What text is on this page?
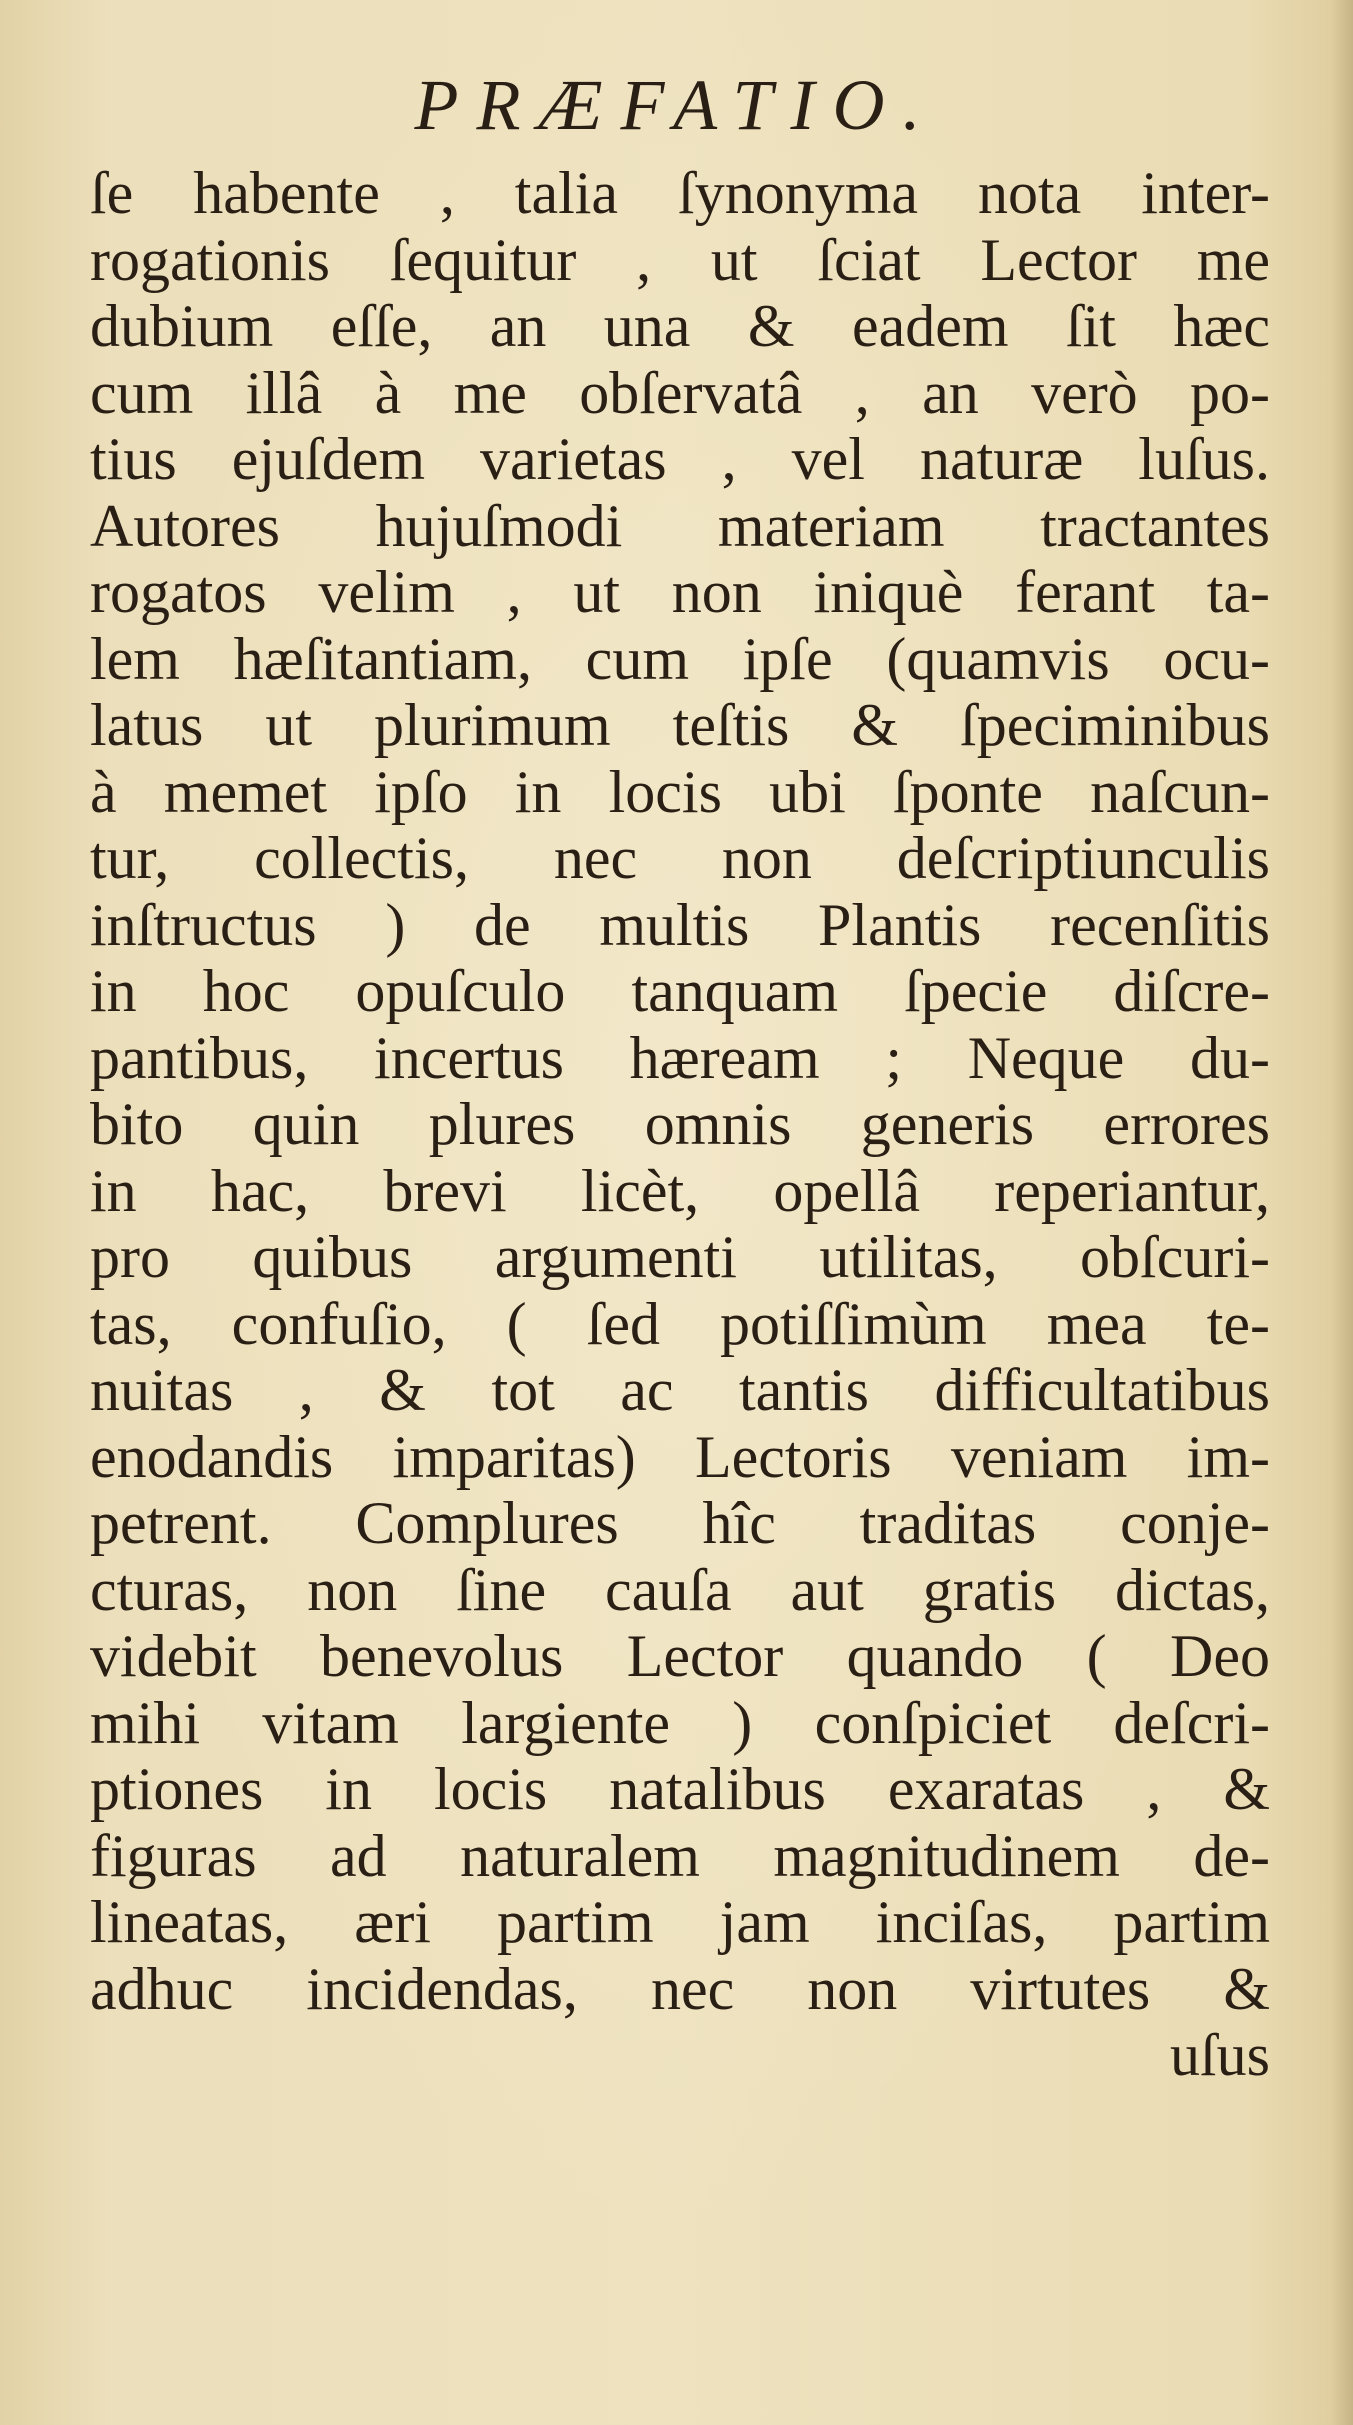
PRÆFATIO.
ſe habente , talia ſynonyma nota inter-
rogationis ſequitur , ut ſciat Lector me
dubium eſſe, an una & eadem ſit hæc
cum illâ à me obſervatâ , an verò po-
tius ejuſdem varietas , vel naturæ luſus.
Autores hujuſmodi materiam tractantes
rogatos velim , ut non iniquè ferant ta-
lem hæſitantiam, cum ipſe (quamvis ocu-
latus ut plurimum teſtis & ſpeciminibus
à memet ipſo in locis ubi ſponte naſcun-
tur, collectis, nec non deſcriptiunculis
inſtructus ) de multis Plantis recenſitis
in hoc opuſculo tanquam ſpecie diſcre-
pantibus, incertus hæream ; Neque du-
bito quin plures omnis generis errores
in hac, brevi licèt, opellâ reperiantur,
pro quibus argumenti utilitas, obſcuri-
tas, confuſio, ( ſed potiſſimùm mea te-
nuitas , & tot ac tantis difficultatibus
enodandis imparitas) Lectoris veniam im-
petrent. Complures hîc traditas conje-
cturas, non ſine cauſa aut gratis dictas,
videbit benevolus Lector quando ( Deo
mihi vitam largiente ) conſpiciet deſcri-
ptiones in locis natalibus exaratas , &
figuras ad naturalem magnitudinem de-
lineatas, æri partim jam inciſas, partim
adhuc incidendas, nec non virtutes &
uſus
